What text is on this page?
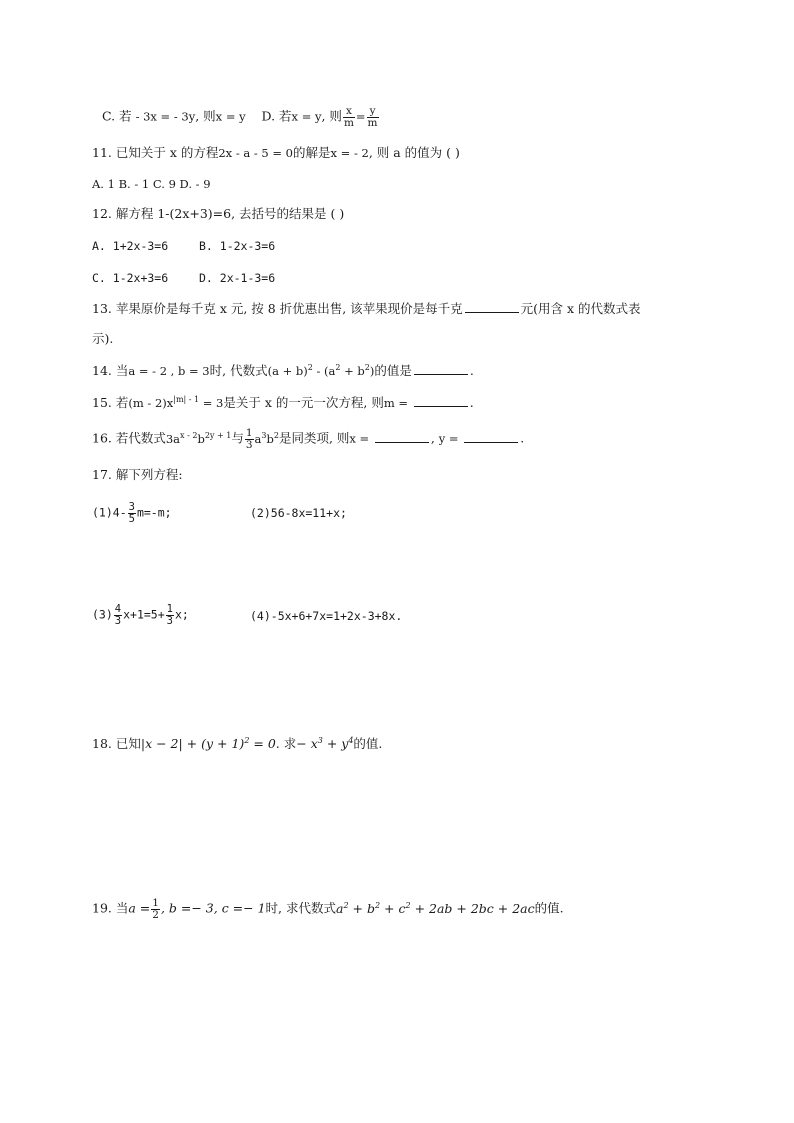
C. 若 - 3x = - 3y, 则x = y D. 若x = y, 则 $\frac{x}{m} = \frac{y}{m}$
11. 已知关于 x 的方程2x - a - 5 = 0的解是x = - 2, 则 a 的值为 ( )
A. 1 B. - 1 C. 9 D. - 9
12. 解方程 1-(2x+3)=6, 去括号的结果是 ( )
A. 1+2x-3=6	B. 1-2x-3=6
C. 1-2x+3=6	D. 2x-1-3=6
13. 苹果原价是每千克 x 元, 按 8 折优惠出售, 该苹果现价是每千克	元(用含 x 的代数式表
示).
14. 当a = - 2 , b = 3时, 代数式$(a + b)^2 - (a^2 + b^2)$的值是	.
15. 若$(m - 2)x^{|m| - 1} = 3$是关于 x 的一元一次方程, 则m =	.
16. 若代数式$3a^{x - 2}b^{2y + 1}$与 $\frac{1}{3} a^3b^2$是同类项, 则x =	, y =	.
17. 解下列方程:
$(1)4- \frac{3}{5} m=-m$;	(2)56-8x=11+x;
$(3) \frac{4}{3} x+1=5+ \frac{1}{3} x$;	(4)-5x+6+7x=1+2x-3+8x.
18. 已知$|x - 2| + (y + 1)^2 = 0$. 求− $x^3 + y^4$的值.
19. 当$a = \frac{1}{2}$ , b =− 3, c =− 1时, 求代数式$a^2 + b^2 + c^2 + 2ab + 2bc + 2ac$的值.
